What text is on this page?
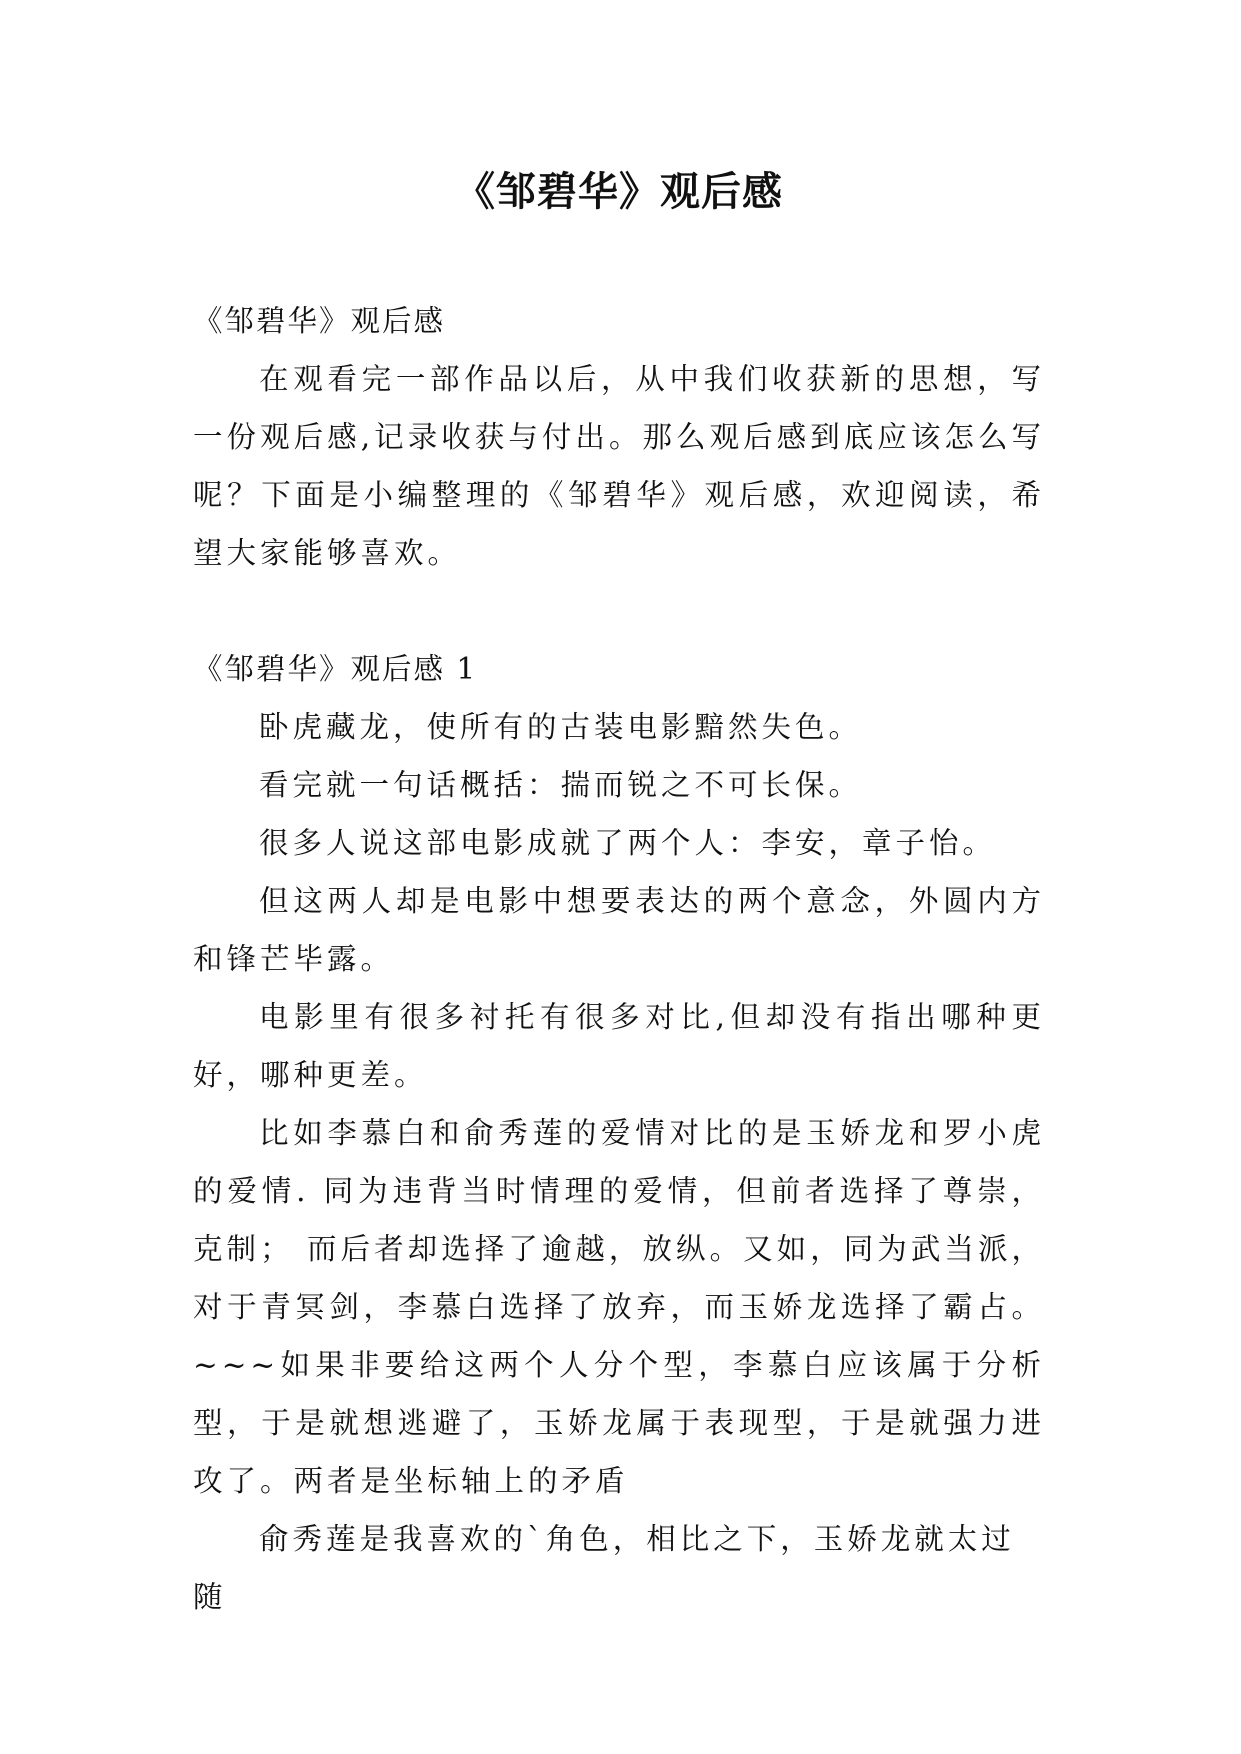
《邹碧华》观后感

《邹碧华》观后感

在观看完一部作品以后，从中我们收获新的思想，写一份观后感,记录收获与付出。那么观后感到底应该怎么写呢？下面是小编整理的《邹碧华》观后感，欢迎阅读，希望大家能够喜欢。

《邹碧华》观后感 1

卧虎藏龙，使所有的古装电影黯然失色。

看完就一句话概括：揣而锐之不可长保。

很多人说这部电影成就了两个人：李安，章子怡。

但这两人却是电影中想要表达的两个意念，外圆内方和锋芒毕露。

电影里有很多衬托有很多对比,但却没有指出哪种更好，哪种更差。

比如李慕白和俞秀莲的爱情对比的是玉娇龙和罗小虎的爱情. 同为违背当时情理的爱情，但前者选择了尊崇，克制； 而后者却选择了逾越，放纵。又如，同为武当派，对于青冥剑，李慕白选择了放弃，而玉娇龙选择了霸占。~~~如果非要给这两个人分个型，李慕白应该属于分析型，于是就想逃避了，玉娇龙属于表现型，于是就强力进攻了。两者是坐标轴上的矛盾

俞秀莲是我喜欢的`角色，相比之下，玉娇龙就太过随
